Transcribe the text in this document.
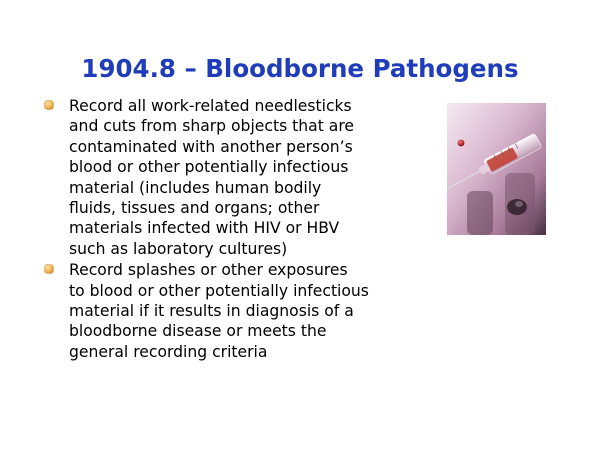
1904.8 – Bloodborne Pathogens
Record all work-related needlesticks
and cuts from sharp objects that are
contaminated with another person’s
blood or other potentially infectious
material (includes human bodily
fluids, tissues and organs; other
materials infected with HIV or HBV
such as laboratory cultures)
Record splashes or other exposures
to blood or other potentially infectious
material if it results in diagnosis of a
bloodborne disease or meets the
general recording criteria
